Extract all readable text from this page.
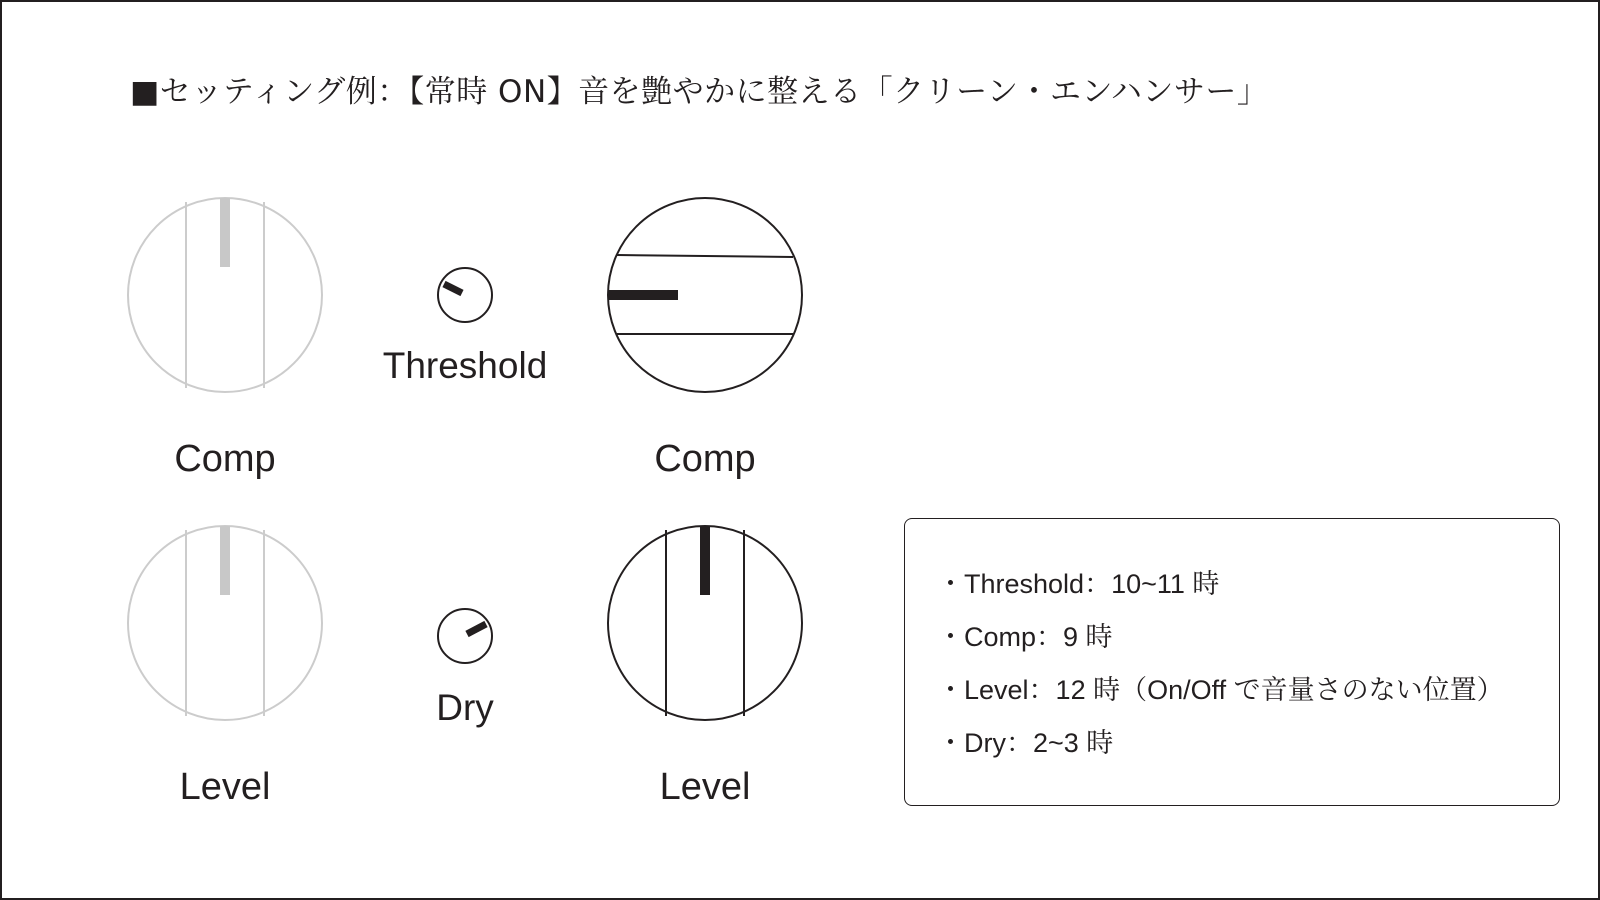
■セッティング例：【常時 ON】音を艶やかに整える「クリーン・エンハンサー」
Comp
Level
Threshold
Dry
Comp
Level
・Threshold：10~11 時
・Comp：9 時
・Level：12 時（On/Off で音量さのない位置）
・Dry：2~3 時
